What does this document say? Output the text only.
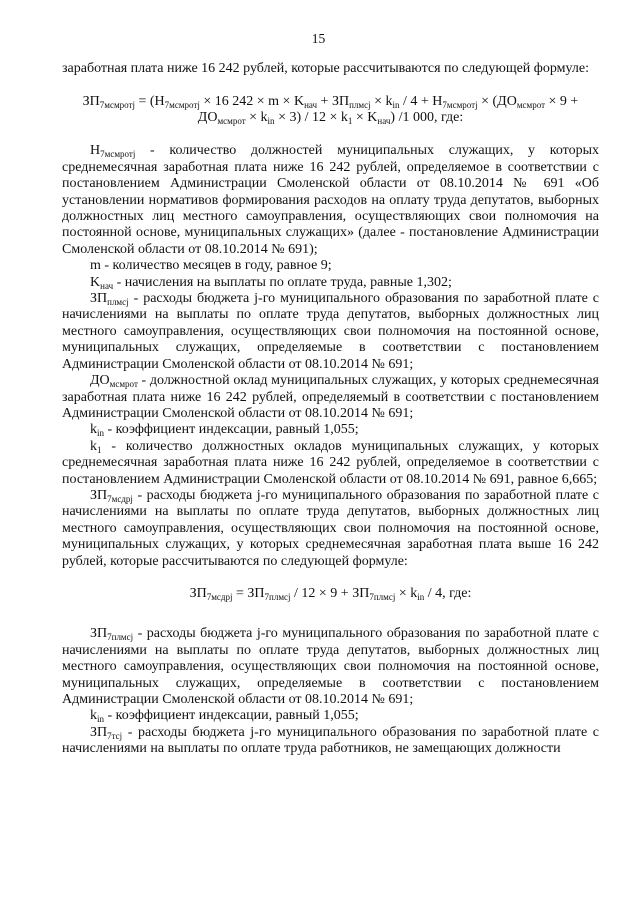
15

заработная плата ниже 16 242 рублей, которые рассчитываются по следующей формуле:

$ЗП_{7мсмротj} = (Н_{7мсмротj} \times 16$ $242 \times m \times K_{нач} + ЗП_{плмсj} \times k_{in} / 4 + Н_{7мсмротj} \times (ДО_{мсмрот} \times 9$ +
$ДО_{мсмрот} \times k_{in} \times 3) / 12 \times k_1 \times K_{нач}$) /1 000, где:

$Н_{7мсмротj}$ - количество должностей муниципальных служащих, у которых среднемесячная заработная плата ниже 16 242 рублей, определяемое в соответствии с постановлением Администрации Смоленской области от 08.10.2014 № 691 «Об установлении нормативов формирования расходов на оплату труда депутатов, выборных должностных лиц местного самоуправления, осуществляющих свои полномочия на постоянной основе, муниципальных служащих» (далее - постановление Администрации Смоленской области от 08.10.2014 № 691);

m - количество месяцев в году, равное 9;

$K_{нач}$ - начисления на выплаты по оплате труда, равные 1,302;

$ЗП_{плмсj}$ - расходы бюджета j-го муниципального образования по заработной плате с начислениями на выплаты по оплате труда депутатов, выборных должностных лиц местного самоуправления, осуществляющих свои полномочия на постоянной основе, муниципальных служащих, определяемые в соответствии с постановлением Администрации Смоленской области от 08.10.2014 № 691;

$ДО_{мсмрот}$ - должностной оклад муниципальных служащих, у которых среднемесячная заработная плата ниже 16 242 рублей, определяемый в соответствии с постановлением Администрации Смоленской области от 08.10.2014 № 691;

$k_{in}$ - коэффициент индексации, равный 1,055;

$k_1$ - количество должностных окладов муниципальных служащих, у которых среднемесячная заработная плата ниже 16 242 рублей, определяемое в соответствии с постановлением Администрации Смоленской области от 08.10.2014 № 691, равное 6,665;

$ЗП_{7мсдрj}$ - расходы бюджета j-го муниципального образования по заработной плате с начислениями на выплаты по оплате труда депутатов, выборных должностных лиц местного самоуправления, осуществляющих свои полномочия на постоянной основе, муниципальных служащих, у которых среднемесячная заработная плата выше 16 242 рублей, которые рассчитываются по следующей формуле:

$ЗП_{7мсдрj} = ЗП_{7плмсj} / 12 \times 9 + ЗП_{7плмсj} \times k_{in} / 4$, где:

$ЗП_{7плмсj}$ - расходы бюджета j-го муниципального образования по заработной плате с начислениями на выплаты по оплате труда депутатов, выборных должностных лиц местного самоуправления, осуществляющих свои полномочия на постоянной основе, муниципальных служащих, определяемые в соответствии с постановлением Администрации Смоленской области от 08.10.2014 № 691;

$k_{in}$ - коэффициент индексации, равный 1,055;

$ЗП_{7тсj}$ - расходы бюджета j-го муниципального образования по заработной плате с начислениями на выплаты по оплате труда работников, не замещающих должности
